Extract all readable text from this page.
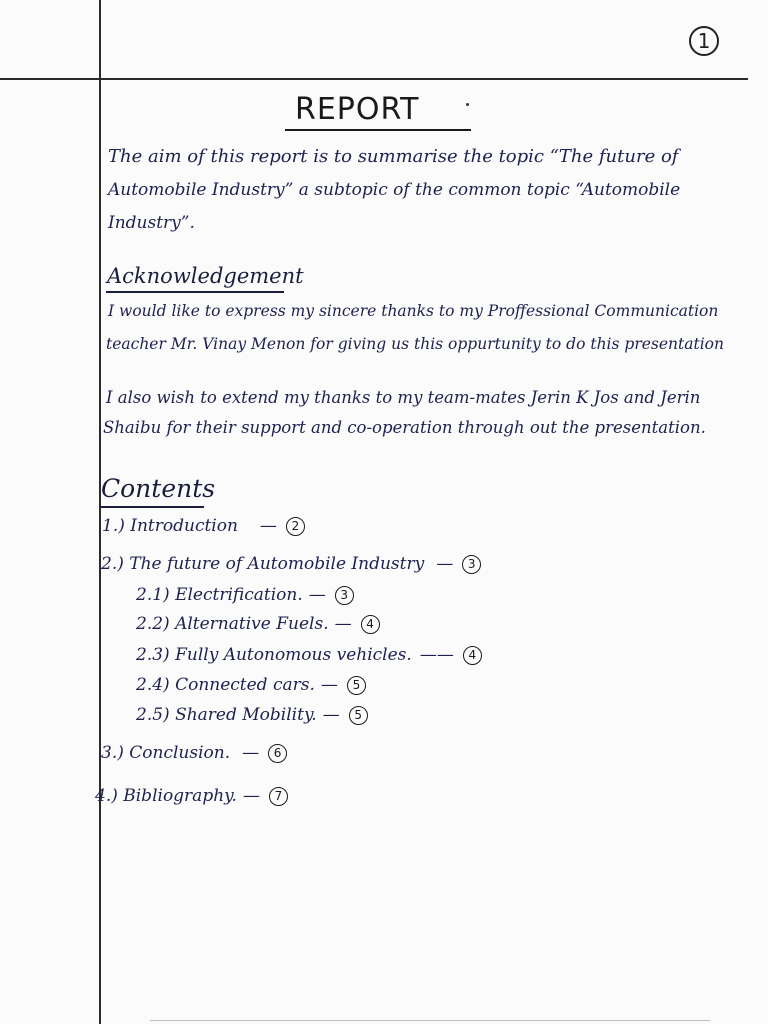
1
REPORT
The aim of this report is to summarise the topic “The future of
Automobile Industry” a subtopic of the common topic “Automobile
Industry”.
Acknowledgement
I would like to express my sincere thanks to my Proffessional Communication
teacher Mr. Vinay Menon for giving us this oppurtunity to do this presentation
I also wish to extend my thanks to my team-mates Jerin K Jos and Jerin
Shaibu for their support and co-operation through out the presentation.
Contents
1.) Introduction —	2
2.) The future of Automobile Industry —	3
2.1) Electrification. —	3
2.2) Alternative Fuels. —	4
2.3) Fully Autonomous vehicles. ——	4
2.4) Connected cars. —	5
2.5) Shared Mobility. —	5
3.) Conclusion. —	6
4.) Bibliography. —	7
